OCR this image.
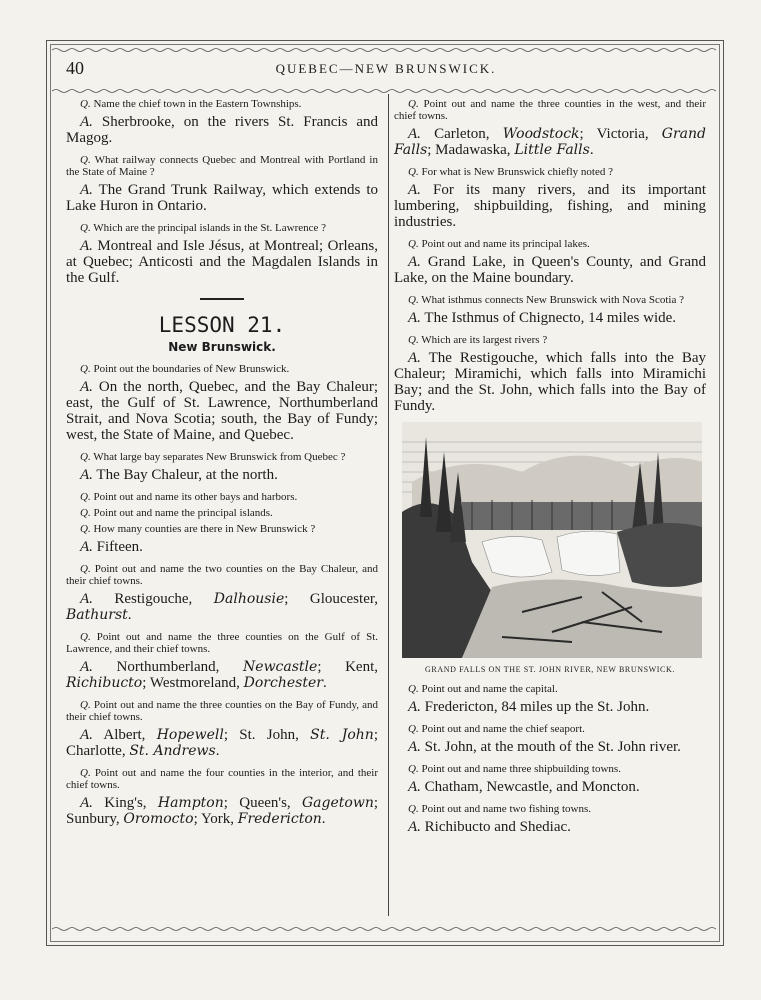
40	QUEBEC—NEW BRUNSWICK.

Q. Name the chief town in the Eastern Townships.

A. Sherbrooke, on the rivers St. Francis and Magog.

Q. What railway connects Quebec and Montreal with Portland in the State of Maine ?

A. The Grand Trunk Railway, which extends to Lake Huron in Ontario.

Q. Which are the principal islands in the St. Lawrence ?

A. Montreal and Isle Jésus, at Montreal; Orleans, at Quebec; Anticosti and the Magdalen Islands in the Gulf.

LESSON 21.
New Brunswick.

Q. Point out the boundaries of New Brunswick.

A. On the north, Quebec, and the Bay Chaleur; east, the Gulf of St. Lawrence, Northumberland Strait, and Nova Scotia; south, the Bay of Fundy; west, the State of Maine, and Quebec.

Q. What large bay separates New Brunswick from Quebec ?

A. The Bay Chaleur, at the north.

Q. Point out and name its other bays and harbors.

Q. Point out and name the principal islands.

Q. How many counties are there in New Brunswick ?

A. Fifteen.

Q. Point out and name the two counties on the Bay Chaleur, and their chief towns.

A. Restigouche, Dalhousie; Gloucester, Bathurst.

Q. Point out and name the three counties on the Gulf of St. Lawrence, and their chief towns.

A. Northumberland, Newcastle; Kent, Richibucto; Westmoreland, Dorchester.

Q. Point out and name the three counties on the Bay of Fundy, and their chief towns.

A. Albert, Hopewell; St. John, St. John; Charlotte, St. Andrews.

Q. Point out and name the four counties in the interior, and their chief towns.

A. King's, Hampton; Queen's, Gagetown; Sunbury, Oromocto; York, Fredericton.

Q. Point out and name the three counties in the west, and their chief towns.

A. Carleton, Woodstock; Victoria, Grand Falls; Madawaska, Little Falls.

Q. For what is New Brunswick chiefly noted ?

A. For its many rivers, and its important lumbering, shipbuilding, fishing, and mining industries.

Q. Point out and name its principal lakes.

A. Grand Lake, in Queen's County, and Grand Lake, on the Maine boundary.

Q. What isthmus connects New Brunswick with Nova Scotia ?

A. The Isthmus of Chignecto, 14 miles wide.

Q. Which are its largest rivers ?

A. The Restigouche, which falls into the Bay Chaleur; Miramichi, which falls into Miramichi Bay; and the St. John, which falls into the Bay of Fundy.

GRAND FALLS ON THE ST. JOHN RIVER, NEW BRUNSWICK.

Q. Point out and name the capital.

A. Fredericton, 84 miles up the St. John.

Q. Point out and name the chief seaport.

A. St. John, at the mouth of the St. John river.

Q. Point out and name three shipbuilding towns.

A. Chatham, Newcastle, and Moncton.

Q. Point out and name two fishing towns.

A. Richibucto and Shediac.
